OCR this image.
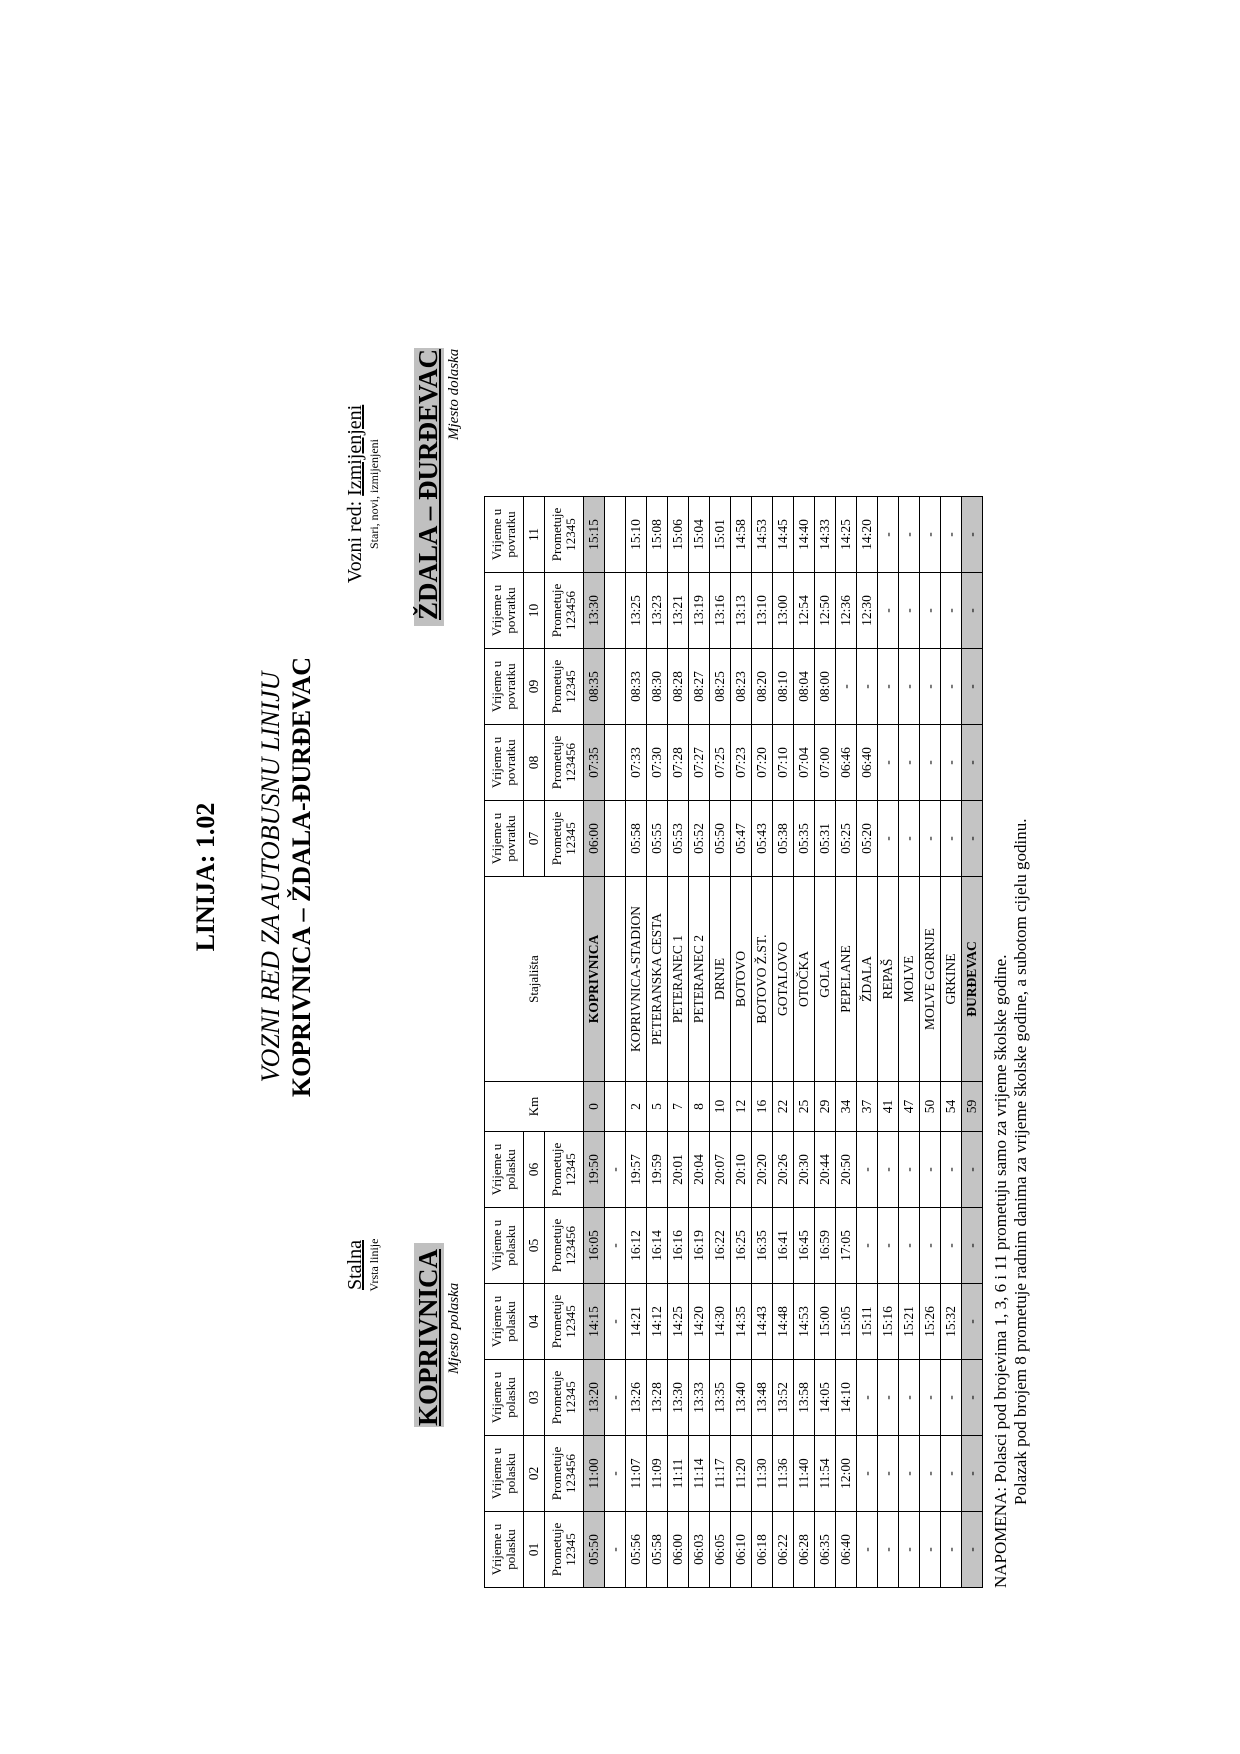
LINIJA: 1.02 VOZNI RED ZA AUTOBUSNU LINIJU KOPRIVNICA – ŽDALA-ĐURĐEVAC
Stalna Vrsta linije
Vozni red: Izmijenjeni Stari, novi, izmijenjeni
KOPRIVNICA Mjesto polaska
ŽDALA – ĐURĐEVAC Mjesto dolaska
Vrijeme u polasku	Vrijeme u polasku	Vrijeme u polasku	Vrijeme u polasku	Vrijeme u polasku	Vrijeme u polasku	Km	Stajališta	Vrijeme u povratku	Vrijeme u povratku	Vrijeme u povratku	Vrijeme u povratku	Vrijeme u povratku
01	02	03	04	05	06			07	08	09	10	11
Prometuje 12345	Prometuje 123456	Prometuje 12345	Prometuje 12345	Prometuje 123456	Prometuje 12345			Prometuje 12345	Prometuje 123456	Prometuje 12345	Prometuje 123456	Prometuje 12345
05:50	11:00	13:20	14:15	16:05	19:50	0	KOPRIVNICA	06:00	07:35	08:35	13:30	15:15
-	-	-	-	-	-							
05:56	11:07	13:26	14:21	16:12	19:57	2	KOPRIVNICA-STADION	05:58	07:33	08:33	13:25	15:10
05:58	11:09	13:28	14:12	16:14	19:59	5	PETERANSKA CESTA	05:55	07:30	08:30	13:23	15:08
06:00	11:11	13:30	14:25	16:16	20:01	7	PETERANEC 1	05:53	07:28	08:28	13:21	15:06
06:03	11:14	13:33	14:20	16:19	20:04	8	PETERANEC 2	05:52	07:27	08:27	13:19	15:04
06:05	11:17	13:35	14:30	16:22	20:07	10	DRNJE	05:50	07:25	08:25	13:16	15:01
06:10	11:20	13:40	14:35	16:25	20:10	12	BOTOVO	05:47	07:23	08:23	13:13	14:58
06:18	11:30	13:48	14:43	16:35	20:20	16	BOTOVO Ž.ST.	05:43	07:20	08:20	13:10	14:53
06:22	11:36	13:52	14:48	16:41	20:26	22	GOTALOVO	05:38	07:10	08:10	13:00	14:45
06:28	11:40	13:58	14:53	16:45	20:30	25	OTOČKA	05:35	07:04	08:04	12:54	14:40
06:35	11:54	14:05	15:00	16:59	20:44	29	GOLA	05:31	07:00	08:00	12:50	14:33
06:40	12:00	14:10	15:05	17:05	20:50	34	PEPELANE	05:25	06:46	-	12:36	14:25
-	-	-	15:11	-	-	37	ŽDALA	05:20	06:40	-	12:30	14:20
-	-	-	15:16	-	-	41	REPAŠ	-	-	-	-	-
-	-	-	15:21	-	-	47	MOLVE	-	-	-	-	-
-	-	-	15:26	-	-	50	MOLVE GORNJE	-	-	-	-	-
-	-	-	15:32	-	-	54	GRKINE	-	-	-	-	-
-	-	-	-	-	-	59	ĐURĐEVAC	-	-	-	-	-
NAPOMENA: Polasci pod brojevima 1, 3, 6 i 11 prometuju samo za vrijeme školske godine. Polazak pod brojem 8 prometuje radnim danima za vrijeme školske godine, a subotom cijelu godinu.
